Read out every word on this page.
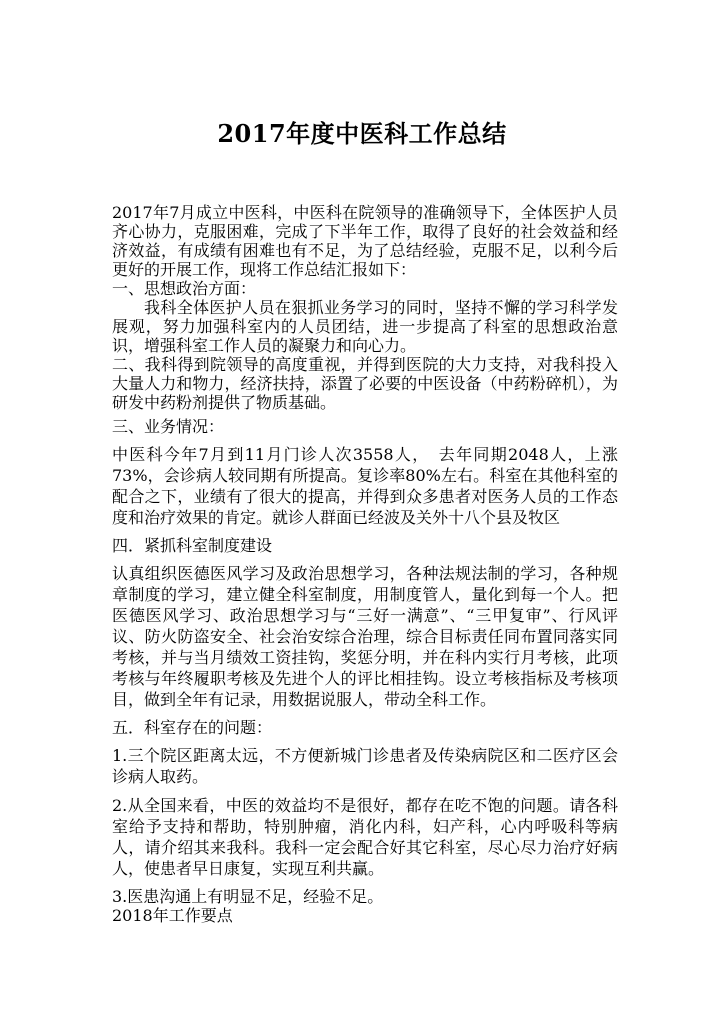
2017年度中医科工作总结

2017年7月成立中医科，中医科在院领导的准确领导下，全体医护人员齐心协力，克服困难，完成了下半年工作，取得了良好的社会效益和经济效益，有成绩有困难也有不足，为了总结经验，克服不足，以利今后更好的开展工作，现将工作总结汇报如下：

一、思想政治方面：

我科全体医护人员在狠抓业务学习的同时，坚持不懈的学习科学发展观，努力加强科室内的人员团结，进一步提高了科室的思想政治意识，增强科室工作人员的凝聚力和向心力。

二、我科得到院领导的高度重视，并得到医院的大力支持，对我科投入大量人力和物力，经济扶持，添置了必要的中医设备（中药粉碎机），为研发中药粉剂提供了物质基础。

三、业务情况：

中医科今年7月到11月门诊人次3558人，　去年同期2048人，上涨73%，会诊病人较同期有所提高。复诊率80%左右。科室在其他科室的配合之下，业绩有了很大的提高，并得到众多患者对医务人员的工作态度和治疗效果的肯定。就诊人群面已经波及关外十八个县及牧区

四．紧抓科室制度建设

认真组织医德医风学习及政治思想学习，各种法规法制的学习，各种规章制度的学习，建立健全科室制度，用制度管人，量化到每一个人。把医德医风学习、政治思想学习与“三好一满意”、“三甲复审”、行风评议、防火防盗安全、社会治安综合治理，综合目标责任同布置同落实同考核，并与当月绩效工资挂钩，奖惩分明，并在科内实行月考核，此项考核与年终履职考核及先进个人的评比相挂钩。设立考核指标及考核项目，做到全年有记录，用数据说服人，带动全科工作。

五．科室存在的问题：

1.三个院区距离太远，不方便新城门诊患者及传染病院区和二医疗区会诊病人取药。

2.从全国来看，中医的效益均不是很好，都存在吃不饱的问题。请各科室给予支持和帮助，特别肿瘤，消化内科，妇产科，心内呼吸科等病人，请介绍其来我科。我科一定会配合好其它科室，尽心尽力治疗好病人，使患者早日康复，实现互利共赢。

3.医患沟通上有明显不足，经验不足。

2018年工作要点
